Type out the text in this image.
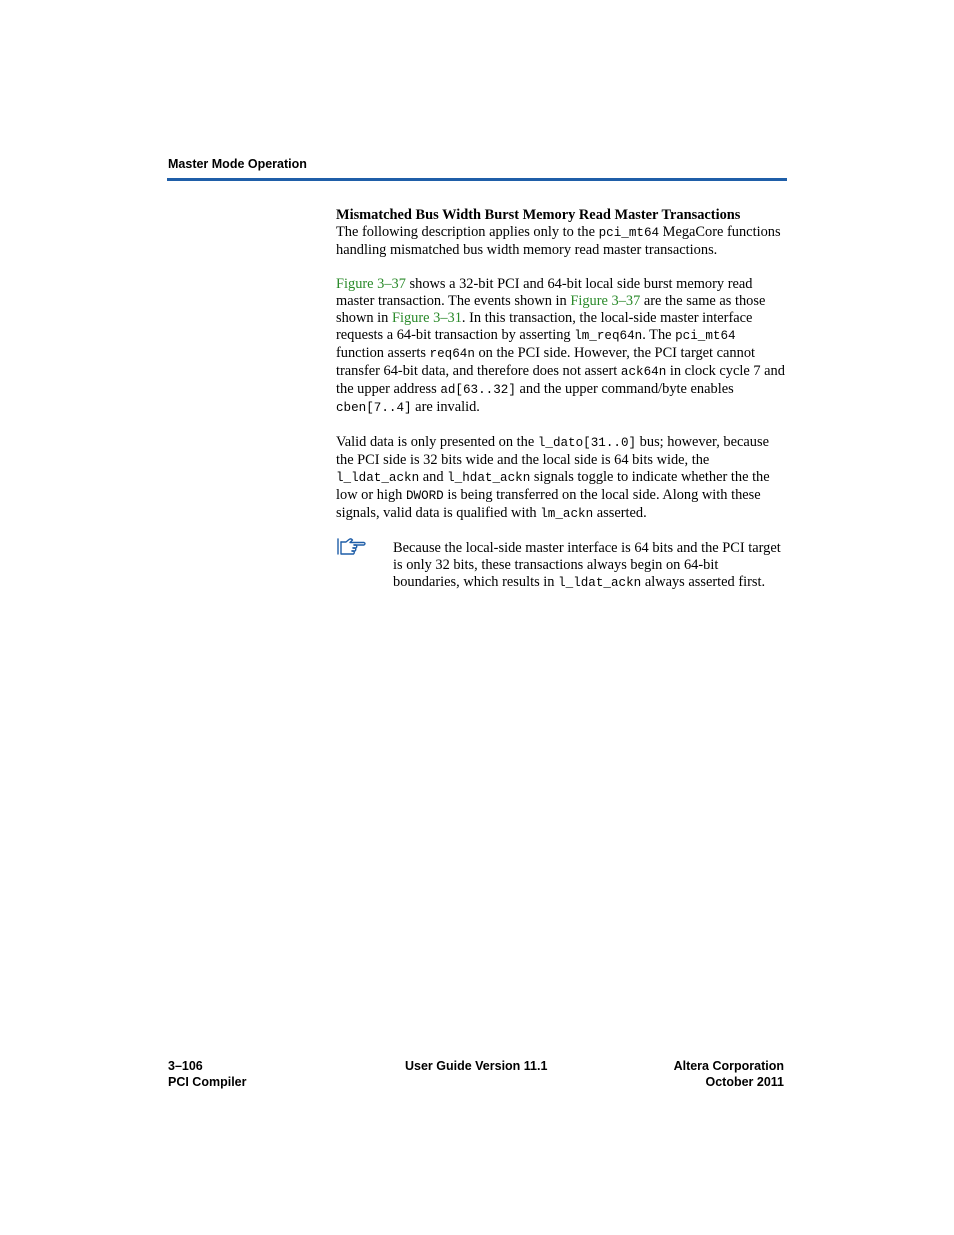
Master Mode Operation
Mismatched Bus Width Burst Memory Read Master Transactions

The following description applies only to the pci_mt64 MegaCore functions handling mismatched bus width memory read master transactions.

Figure 3–37 shows a 32-bit PCI and 64-bit local side burst memory read master transaction. The events shown in Figure 3–37 are the same as those shown in Figure 3–31. In this transaction, the local-side master interface requests a 64-bit transaction by asserting lm_req64n. The pci_mt64 function asserts req64n on the PCI side. However, the PCI target cannot transfer 64-bit data, and therefore does not assert ack64n in clock cycle 7 and the upper address ad[63..32] and the upper command/byte enables cben[7..4] are invalid.

Valid data is only presented on the l_dato[31..0] bus; however, because the PCI side is 32 bits wide and the local side is 64 bits wide, the l_ldat_ackn and l_hdat_ackn signals toggle to indicate whether the the low or high DWORD is being transferred on the local side. Along with these signals, valid data is qualified with lm_ackn asserted.

Because the local-side master interface is 64 bits and the PCI target is only 32 bits, these transactions always begin on 64-bit boundaries, which results in l_ldat_ackn always asserted first.
3–106
PCI Compiler
User Guide Version 11.1	Altera Corporation
October 2011
